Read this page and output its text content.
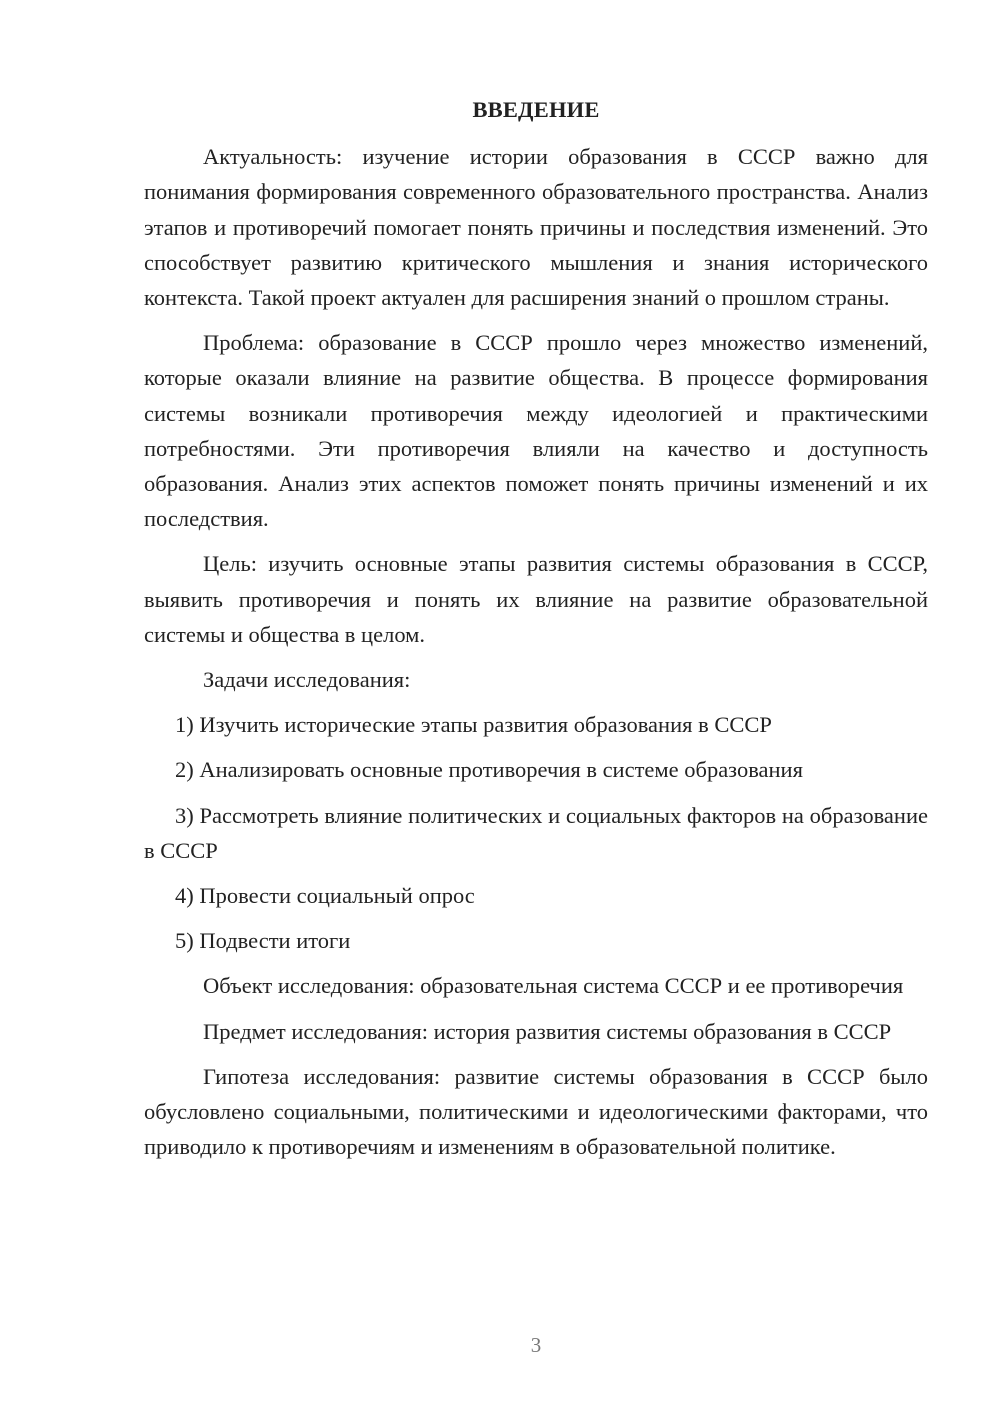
ВВЕДЕНИЕ

Актуальность: изучение истории образования в СССР важно для понимания формирования современного образовательного пространства. Анализ этапов и противоречий помогает понять причины и последствия изменений. Это способствует развитию критического мышления и знания исторического контекста. Такой проект актуален для расширения знаний о прошлом страны.

Проблема: образование в СССР прошло через множество изменений, которые оказали влияние на развитие общества. В процессе формирования системы возникали противоречия между идеологией и практическими потребностями. Эти противоречия влияли на качество и доступность образования. Анализ этих аспектов поможет понять причины изменений и их последствия.

Цель: изучить основные этапы развития системы образования в СССР, выявить противоречия и понять их влияние на развитие образовательной системы и общества в целом.

Задачи исследования:

1) Изучить исторические этапы развития образования в СССР

2) Анализировать основные противоречия в системе образования

3) Рассмотреть влияние политических и социальных факторов на образование в СССР

4) Провести социальный опрос

5) Подвести итоги

Объект исследования: образовательная система СССР и ее противоречия

Предмет исследования: история развития системы образования в СССР

Гипотеза исследования: развитие системы образования в СССР было обусловлено социальными, политическими и идеологическими факторами, что приводило к противоречиям и изменениям в образовательной политике.

3
